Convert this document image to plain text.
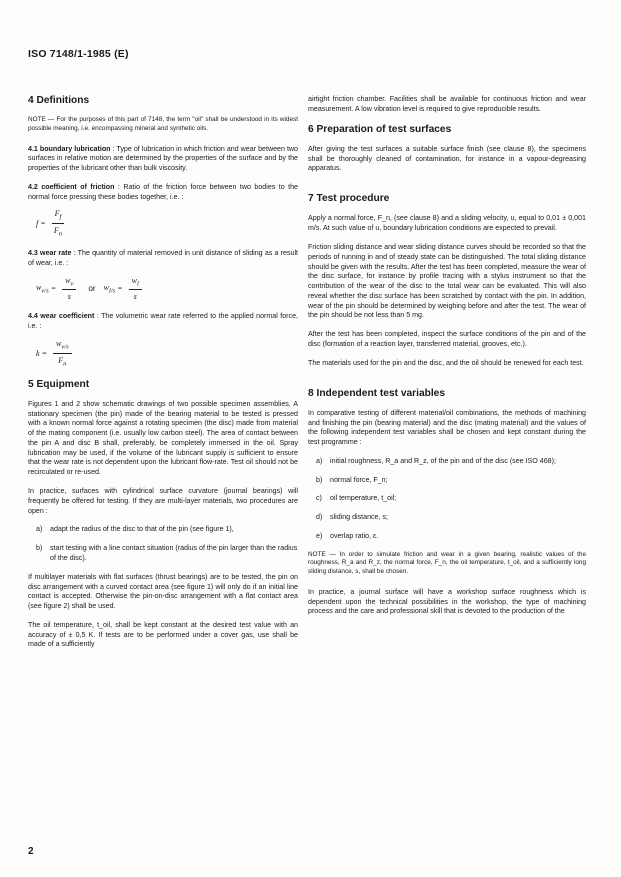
ISO 7148/1-1985 (E)
4 Definitions

NOTE — For the purposes of this part of 7148, the term "oil" shall be understood in its widest possible meaning, i.e. encompassing mineral and synthetic oils.

4.1 boundary lubrication : Type of lubrication in which friction and wear between two surfaces in relative motion are determined by the properties of the surface and by the properties of the lubricant other than bulk viscosity.

4.2 coefficient of friction : Ratio of the friction force between two bodies to the normal force pressing these bodies together, i.e. :

$f = \frac{F_f}{F_n}$

4.3 wear rate : The quantity of material removed in unit distance of sliding as a result of wear, i.e. :

$w_{v/s} = \frac{w_v}{s}$ or $w_{l/s} = \frac{w_l}{s}$

4.4 wear coefficient : The volumetric wear rate referred to the applied normal force, i.e. :

$k = \frac{w_{v/s}}{F_n}$
5 Equipment

Figures 1 and 2 show schematic drawings of two possible specimen assemblies. A stationary specimen (the pin) made of the bearing material to be tested is pressed with a known normal force against a rotating specimen (the disc) made from material of the mating component (i.e. usually low carbon steel). The area of contact between the pin A and disc B shall, preferably, be completely immersed in the oil. Spray lubrication may be used, if the volume of the lubricant supply is sufficient to ensure that the wear rate is not dependent upon the lubricant flow-rate. Test oil should not be recirculated or re-used.

In practice, surfaces with cylindrical surface curvature (journal bearings) will frequently be offered for testing. If they are multi-layer materials, two procedures are open :

a)	adapt the radius of the disc to that of the pin (see figure 1),
b)	start testing with a line contact situation (radius of the pin larger than the radius of the disc).

If multilayer materials with flat surfaces (thrust bearings) are to be tested, the pin on disc arrangement with a curved contact area (see figure 1) will only do if an initial line contact is accepted. Otherwise the pin-on-disc arrangement with a flat contact area (see figure 2) shall be used.

The oil temperature, t_oil, shall be kept constant at the desired test value with an accuracy of ± 0,5 K. If tests are to be performed under a cover gas, use shall be made of a sufficiently

airtight friction chamber. Facilities shall be available for continuous friction and wear measurement. A low vibration level is required to give reproducible results.

6 Preparation of test surfaces

After giving the test surfaces a suitable surface finish (see clause 8), the specimens shall be thoroughly cleaned of contamination, for instance in a vapour-degreasing apparatus.

7 Test procedure

Apply a normal force, F_n, (see clause 8) and a sliding velocity, u, equal to 0,01 ± 0,001 m/s. At such value of u, boundary lubrication conditions are expected to prevail.

Friction sliding distance and wear sliding distance curves should be recorded so that the periods of running in and of steady state can be distinguished. The total sliding distance should be given with the results. After the test has been completed, measure the wear of the disc surface, for instance by profile tracing with a stylus instrument so that the contribution of the wear of the disc to the total wear can be evaluated. This will also reveal whether the disc surface has been scratched by contact with the pin. In addition, wear of the pin should be determined by weighing before and after the test. The wear of the pin should be not less than 5 mg.

After the test has been completed, inspect the surface conditions of the pin and of the disc (formation of a reaction layer, transferred material, grooves, etc.).

The materials used for the pin and the disc, and the oil should be renewed for each test.

8 Independent test variables

In comparative testing of different material/oil combinations, the methods of machining and finishing the pin (bearing material) and the disc (mating material) and the values of the following independent test variables shall be chosen and kept constant during the test programme :

a)	initial roughness, R_a and R_z, of the pin and of the disc (see ISO 468);
b)	normal force, F_n;
c)	oil temperature, t_oil;
d)	sliding distance, s;
e)	overlap ratio, ε.

NOTE — In order to simulate friction and wear in a given bearing, realistic values of the roughness, R_a and R_z, the normal force, F_n, the oil temperature, t_oil, and a sufficiently long sliding distance, s, shall be chosen.

In practice, a journal surface will have a workshop surface roughness which is dependent upon the technical possibilities in the workshop, the type of machining process and the care and professional skill that is devoted to the production of the

2
